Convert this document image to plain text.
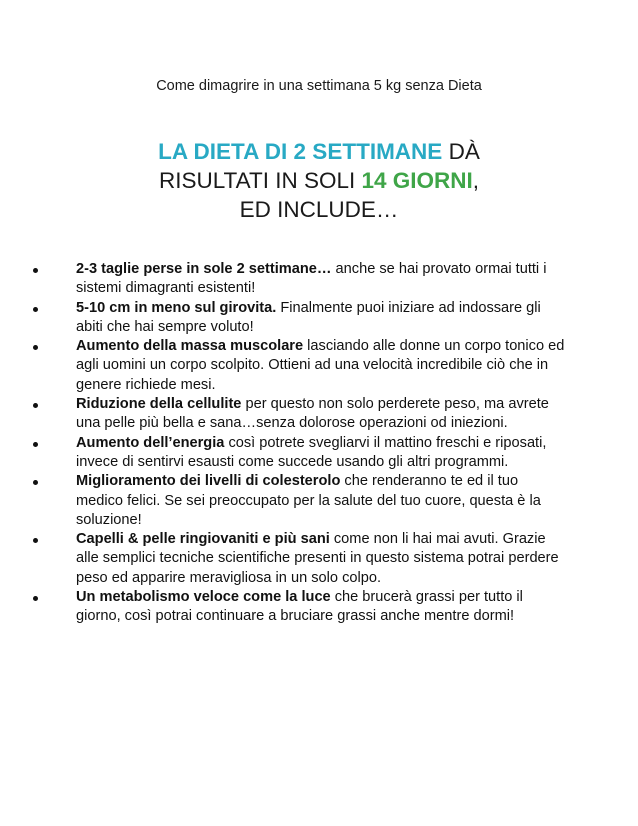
Come dimagrire in una settimana 5 kg senza Dieta
LA DIETA DI 2 SETTIMANE DÀ
RISULTATI IN SOLI 14 GIORNI,
ED INCLUDE…
2-3 taglie perse in sole 2 settimane… anche se hai provato ormai tutti i sistemi dimagranti esistenti!
5-10 cm in meno sul girovita. Finalmente puoi iniziare ad indossare gli abiti che hai sempre voluto!
Aumento della massa muscolare lasciando alle donne un corpo tonico ed agli uomini un corpo scolpito. Ottieni ad una velocità incredibile ciò che in genere richiede mesi.
Riduzione della cellulite per questo non solo perderete peso, ma avrete una pelle più bella e sana…senza dolorose operazioni od iniezioni.
Aumento dell’energia così potrete svegliarvi il mattino freschi e riposati, invece di sentirvi esausti come succede usando gli altri programmi.
Miglioramento dei livelli di colesterolo che renderanno te ed il tuo medico felici. Se sei preoccupato per la salute del tuo cuore, questa è la soluzione!
Capelli & pelle ringiovaniti e più sani come non li hai mai avuti. Grazie alle semplici tecniche scientifiche presenti in questo sistema potrai perdere peso ed apparire meravigliosa in un solo colpo.
Un metabolismo veloce come la luce che brucerà grassi per tutto il giorno, così potrai continuare a bruciare grassi anche mentre dormi!
